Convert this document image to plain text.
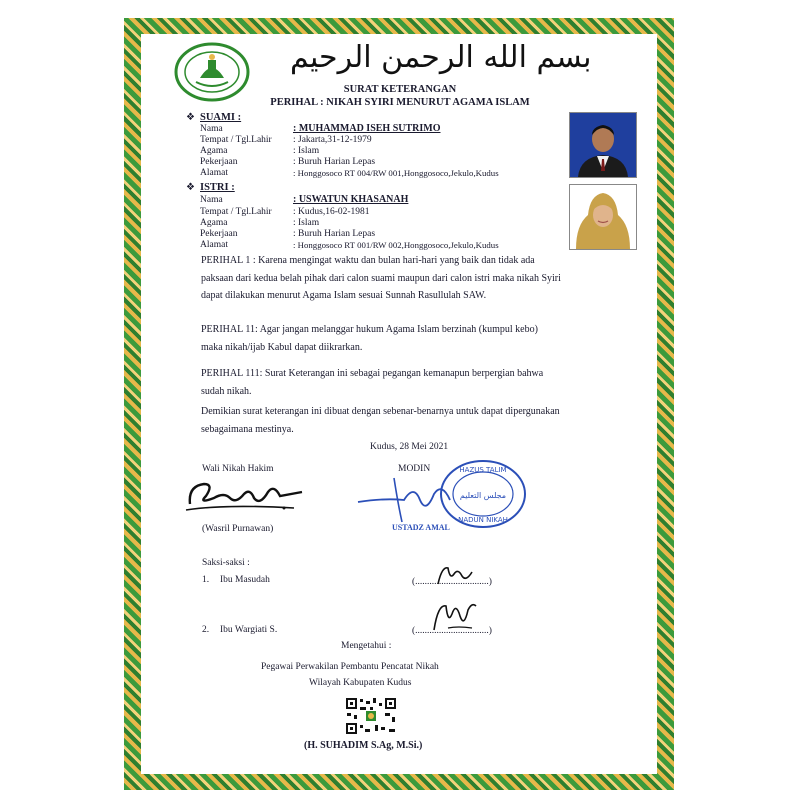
بسم الله الرحمن الرحيم
SURAT KETERANGAN
PERIHAL : NIKAH SYIRI MENURUT AGAMA ISLAM
❖ SUAMI :
Nama	: MUHAMMAD ISEH SUTRIMO
Tempat / Tgl.Lahir : Jakarta,31-12-1979
Agama	: Islam
Pekerjaan	: Buruh Harian Lepas
Alamat	: Honggosoco RT 004/RW 001,Honggosoco,Jekulo,Kudus
❖ ISTRI :
Nama	: USWATUN KHASANAH
Tempat / Tgl.Lahir : Kudus,16-02-1981
Agama	: Islam
Pekerjaan	: Buruh Harian Lepas
Alamat	: Honggosoco RT 001/RW 002,Honggosoco,Jekulo,Kudus
PERIHAL 1 : Karena mengingat waktu dan bulan hari-hari yang baik dan tidak ada paksaan dari kedua belah pihak dari calon suami maupun dari calon istri maka nikah Syiri dapat dilakukan menurut Agama Islam sesuai Sunnah Rasullulah SAW.
PERIHAL 11: Agar jangan melanggar hukum Agama Islam berzinah (kumpul kebo) maka nikah/ijab Kabul dapat diikrarkan.
PERIHAL 111: Surat Keterangan ini sebagai pegangan kemanapun berpergian bahwa sudah nikah.
Demikian surat keterangan ini dibuat dengan sebenar-benarnya untuk dapat dipergunakan sebagaimana mestinya.
Kudus, 28 Mei 2021
Wali Nikah Hakim
(Wasril Purnawan)
MODIN
USTADZ AMAL
HAZUS TALIM
مجلس التعليم
NADUN NIKAH
Saksi-saksi :
1. Ibu Masudah	(...............................)
2. Ibu Wargiati S.	(...............................)
Mengetahui :
Pegawai Perwakilan Pembantu Pencatat Nikah
Wilayah Kabupaten Kudus
(H. SUHADIM S.Ag, M.Si.)
